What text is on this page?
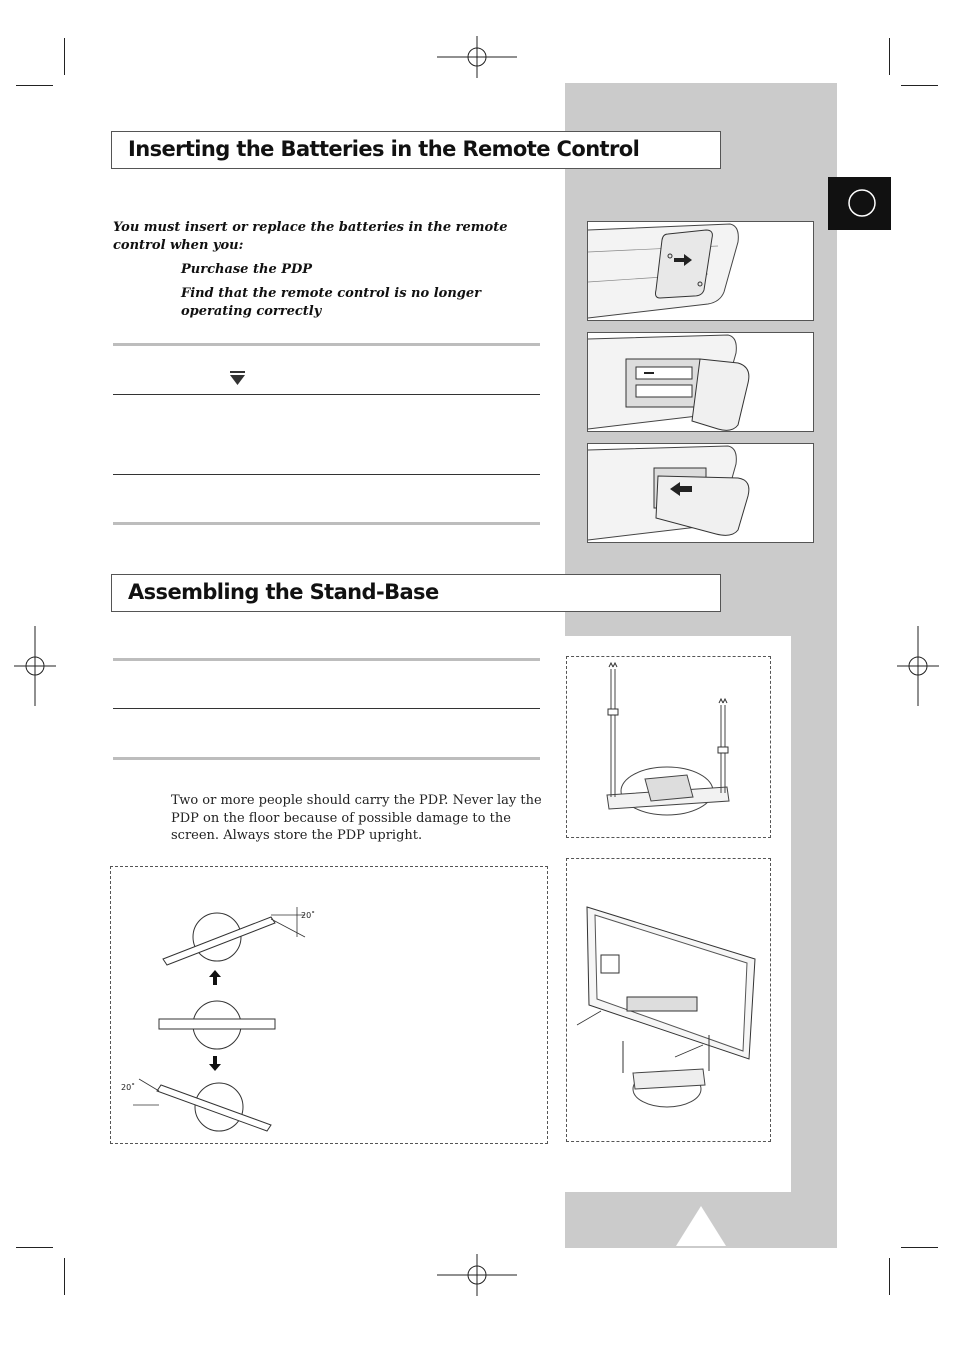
Inserting the Batteries in the Remote Control
You must insert or replace the batteries in the remote control when you:
Purchase the PDP
Find that the remote control is no longer operating correctly
Assembling the Stand-Base
Two or more people should carry the PDP. Never lay the PDP on the floor because of possible damage to the screen. Always store the PDP upright.
20˚
20˚
